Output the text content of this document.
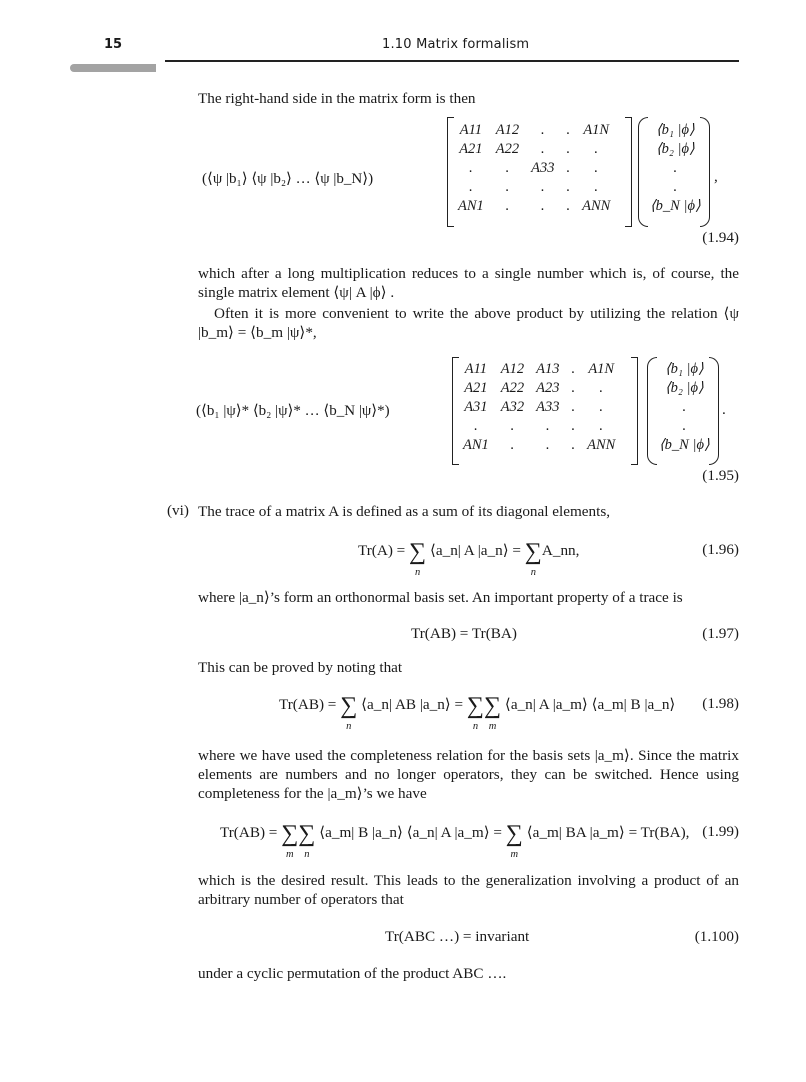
15	1.10 Matrix formalism
The right-hand side in the matrix form is then
(⟨ψ |b₁⟩ ⟨ψ |b₂⟩ … ⟨ψ |b_N⟩)
A11	A12	.	.	A1N
A21	A22	.	.	.
.	.	A33	.	.
.	.	.	.	.
AN1	.	.	.	ANN
⟨b₁ |ϕ⟩
⟨b₂ |ϕ⟩
.
.
⟨b_N |ϕ⟩
,
(1.94)
which after a long multiplication reduces to a single number which is, of course, the single matrix element ⟨ψ| A |ϕ⟩ .
Often it is more convenient to write the above product by utilizing the relation ⟨ψ |b_m⟩ = ⟨b_m |ψ⟩*,
(⟨b₁ |ψ⟩* ⟨b₂ |ψ⟩* … ⟨b_N |ψ⟩*)
A11	A12	A13	.	A1N
A21	A22	A23	.	.
A31	A32	A33	.	.
.	.	.	.	.
AN1	.	.	.	ANN
⟨b₁ |ϕ⟩
⟨b₂ |ϕ⟩
.
.
⟨b_N |ϕ⟩
.
(1.95)
(vi) The trace of a matrix A is defined as a sum of its diagonal elements,
Tr(A) = ∑
n
⟨a_n| A |a_n⟩ = ∑
n
A_nn,	(1.96)
where |a_n⟩’s form an orthonormal basis set. An important property of a trace is
Tr(AB) = Tr(BA)	(1.97)
This can be proved by noting that
Tr(AB) = ∑
n
⟨a_n| AB |a_n⟩ = ∑
n
∑
m
⟨a_n| A |a_m⟩ ⟨a_m| B |a_n⟩ (1.98)
where we have used the completeness relation for the basis sets |a_m⟩. Since the matrix elements are numbers and no longer operators, they can be switched. Hence using completeness for the |a_m⟩’s we have
Tr(AB) = ∑
m
∑
n
⟨a_m| B |a_n⟩ ⟨a_n| A |a_m⟩ = ∑
m
⟨a_m| BA |a_m⟩ = Tr(BA), (1.99)
which is the desired result. This leads to the generalization involving a product of an arbitrary number of operators that
Tr(ABC …) = invariant	(1.100)
under a cyclic permutation of the product ABC ….
